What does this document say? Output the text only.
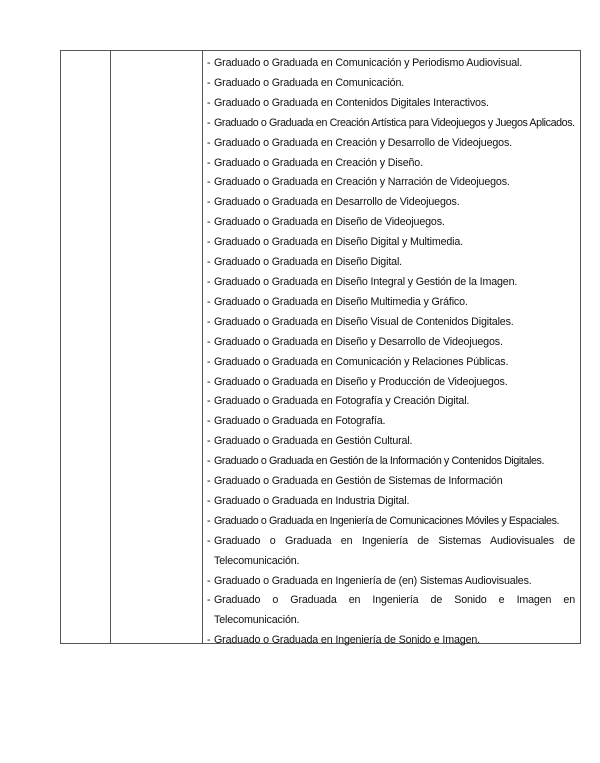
- Graduado o Graduada en Comunicación y Periodismo Audiovisual.
- Graduado o Graduada en Comunicación.
- Graduado o Graduada en Contenidos Digitales Interactivos.
- Graduado o Graduada en Creación Artística para Videojuegos y Juegos Aplicados.
- Graduado o Graduada en Creación y Desarrollo de Videojuegos.
- Graduado o Graduada en Creación y Diseño.
- Graduado o Graduada en Creación y Narración de Videojuegos.
- Graduado o Graduada en Desarrollo de Videojuegos.
- Graduado o Graduada en Diseño de Videojuegos.
- Graduado o Graduada en Diseño Digital y Multimedia.
- Graduado o Graduada en Diseño Digital.
- Graduado o Graduada en Diseño Integral y Gestión de la Imagen.
- Graduado o Graduada en Diseño Multimedia y Gráfico.
- Graduado o Graduada en Diseño Visual de Contenidos Digitales.
- Graduado o Graduada en Diseño y Desarrollo de Videojuegos.
- Graduado o Graduada en Comunicación y Relaciones Públicas.
- Graduado o Graduada en Diseño y Producción de Videojuegos.
- Graduado o Graduada en Fotografía y Creación Digital.
- Graduado o Graduada en Fotografía.
- Graduado o Graduada en Gestión Cultural.
- Graduado o Graduada en Gestión de la Información y Contenidos Digitales.
- Graduado o Graduada en Gestión de Sistemas de Información
- Graduado o Graduada en Industria Digital.
- Graduado o Graduada en Ingeniería de Comunicaciones Móviles y Espaciales.
- Graduado o Graduada en Ingeniería de Sistemas Audiovisuales de Telecomunicación.
- Graduado o Graduada en Ingeniería de (en) Sistemas Audiovisuales.
- Graduado o Graduada en Ingeniería de Sonido e Imagen en Telecomunicación.
- Graduado o Graduada en Ingeniería de Sonido e Imagen.
